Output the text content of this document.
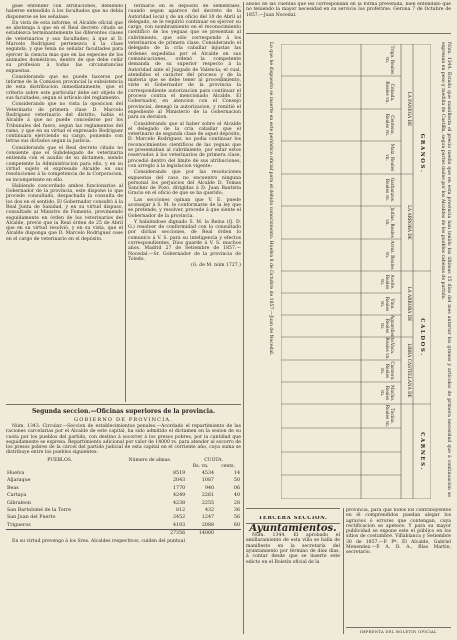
gase entender con atribuciones, debiendo haberse entendido á los facultados que no debia disponerse se les señalase.

En vista de esta informe, el Alcalde oficial que se abstenga á que en el Real decreto citado se establezca terminantemente las diferentes clases de veterinarios y sus facultades; á que al D. Marcelo Rodriguez pertenezca á la clase segunda, y que tenia no señalar facultades para ejercer la ciencia mas que en las especies de los animales domésticos, dentro de que debe ceñir su profesion á todas las circunstancias expuestas.

Considerando que no puede hacerse por informe de la Comision provincial la subsistencia de esta distribucion inmediatamente, que el criterio sobre este particular debe ser objeto de sus facultades, segun el artículo del reglamento.

Considerando que no vista la oposicion del Veterinario de primera clase D. Marcelo Rodriguez veterinario del distrito, habia el Alcalde á que no puede concederse por los Tribunales del fuero, segun las reglamentos del ramo, y que en su virtud el expresado Rodriguez continuará ejerciendo su cargo, poniendo con letras sus dictados segun la justicia.

Considerando que el Real decreto citado no consiente que el Subdelegado de veterinaria entienda con el auxilio de su dictamen, siendo competente la Administracion para ello, y en su virtud sujeto el expresado Alcalde en sus resoluciones á la competencia de la Corporacion, es incompetente en ello.

Habiendo concordado ambos funcionarios al Gobernador de la provincia, este dispone lo que procede consultado, despachada la consulta de los dos en el sentido. El Gobernador consultó á la Real Junta de Sanidad, y en su virtud dispuso, consultado al Ministro de Fomento, previniendo seguidamente en órden de los veterinarios del Alcalde, previo que la Real órden de 25 de Abril que en su virtud resolvió, y en su vista, que el Alcalde disponga que D. Marcelo Rodriguez cese en el cargo de veterinario en el depósito.

terinario en el depósito de sementales, cuando segun aparece del decreto de la Autoridad local y de un oficio del 10 de Abril al delegado, se le requirió continuar en ejercer su cargo, con nombramiento en el reconocimiento científico de los yeguas que se presentan al cubrimiento, que sólo corresponde á los veterinarios de primera clase. Considerando el delegado de la cría caballar injustas las órdenes expedidas por el Alcalde en sus comunicaciones, ordenó la competente demanda de su superior respecto á la Autoridad ante el Juzgado de Valencia; el cual, atendidos el carácter del proceso y de la materia que se debe tener al procedimiento, viste el Gobernador de la provincia la correspondiente autorizacion para continuar el proceso contra el mencionado Alcalde. El Gobernador, en atencion con el Consejo provincial, denegó la autorizacion, y remitió el expediente al Ministerio de la Gobernacion para su decision.

Considerando que al haber sobre el Alcalde el delegado de la cría caballar que el veterinario de segunda clase de aquel depósito, D. Marcelo Rodriguez, no podia continuar los reconocimientos científicos de las yeguas que se presentaban al cubrimiento, por estar estos reservados á los veterinarios de primera clase, procedió dentro del límite de sus atribuciones, con arreglo á la legislacion vigente:

Considerando que por las resoluciones expuestas del caso no encuentro ninguna personal los perjuicios del Alcalde D. Tomas Sanchez de Pozo, dirigidas á D. Juan Bautista Gracio en el oficio de que se ha querido;

Las secciones opinan que V. E. puede aconsejar á S. M. le conformarse de la ley que se pretende, y resolver, procede á que siente el Gobernador de la provincia.

Y habiéndose dignado S. M. la Reina (Q. D. G.) resolver de conformidad con lo consultado por dichas secciones, de Real órden lo comunico á V. S. para su inteligencia y efectos correspondientes. Dios guarde á V. S. muchos años. Madrid 27 de Setiembre de 1857.—Nocedal.—Sr. Gobernador de la provincia de Toledo.

(G. de M. núm 1727.)

abono de las cuentas que les correspondan en la forma prevenida, bien entendido que no teniendo la mayor necesidad en su servicio los proferirse. Gerona 7 de Octubre de 1857.—Juan Nocedal.
Núm. 1344. Estado que manifiesta el precio medio que en esta provincia han tenido los últimos 15 días del mes anterior los granos y artículos de primera necesidad que á continuacion se expresan en peso y medida de Castilla, segun partes dados por los Alcaldes de los pueblos cabezas de partido.
GRANOS.
CALDOS.
CARNES.
LA FANEGA DE
LA ARROBA DE
LA ARROBA DE
LIBRA CASTELLANA DE
Trigo. Reales vn.
Cebada. Reales vn.
Centeno. Reales vn.
Maiz. Reales vn.
Garbanzos. Reales vn.
Judías. Reales vn.
Arroz. Reales vn.
Aceite. Reales vn.
Vino. Reales vn.
Aguardiente. Reales vn.
Vaca. Reales vn.
Carnero. Reales vn.
Macho. Reales vn.
Tocino. Reales vn.
Lo que he dispuesto se inserte en este periódico oficial para el debido conocimiento. Huelva 8 de Octubre de 1857.—Juan de Nocedal.

Segunda seccion.—Oficinas superiores de la provincia.

GOBIERNO DE PROVINCIA.

Núm. 1343. Circular.—Seccion de establecimientos penales.—Acordado el repartimiento de las raciones carcelarias por el Alcalde de este capital, ha sido admitido el dictamen en la sesion de su cuota por los pueblos del partido, con destino á socorrer á los presos pobres, por la cantidad que seguidamente se expresa. Repartimiento adicional por valor de 14000 rs. para atender al socorro de los presos pobres de la cárcel del partido judicial de esta capital en el corriente año, cuya suma se distribuye entre los pueblos siguientes:

PUEBLOS.	Número de almas.	CUOTA.	
		Rs. vn.	cents.
Huelva	8519	4534	14
Aljaraque	2043	1087	50
Beas	1770	940	06
Cartaya	4249	2261	40
Gibraleon	4238	2255	28
San Bartolomé de la Torre	812	432	36
San Juan del Puerto	2452	1247	56
Trigueros	4103	2088	60
	27356	14000	

En su virtud prevengo á los Sres. Alcaldes respectivos, cuiden del puntual

TERCERA SECCION.

Ayuntamientos.

Núm. 1344. El aprobado el amillaramiento de esta villa se halla de manifiesto en la secretaría del ayuntamiento por término de diez días, á contar desde que se inserte este edicto en el Boletín oficial de la

provincia, para que todos los contribuyentes en él comprendidos puedan alegar los agravios ó errores que contengan, cuya rectificacion se apetece. Y para su mayor publicidad se expone este el público en los sitios de costumbre. Villablanca y Setiembre 30 de 1857.—P. Pº. El Alcalde, Gabriel Menendez.—P. A. D. A., Blas Martin, secretario.
IMPRENTA DEL BOLETIN OFICIAL
